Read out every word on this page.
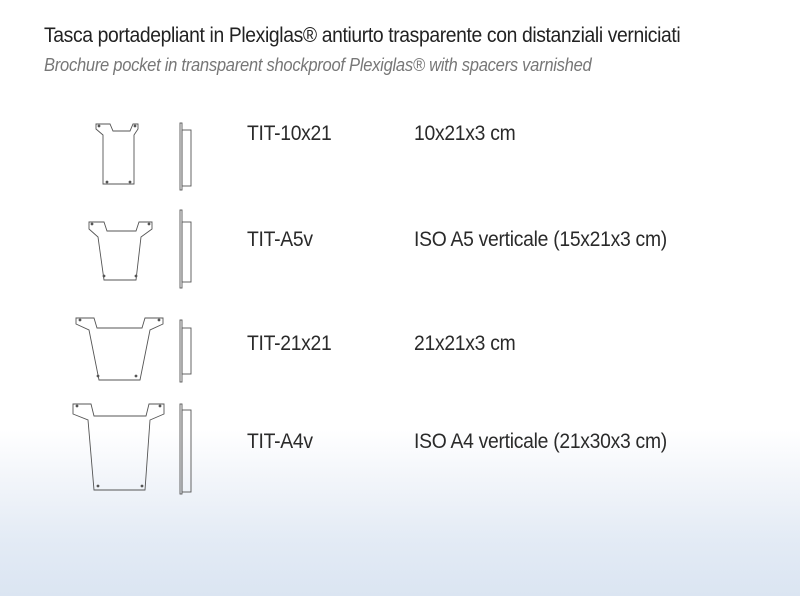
Tasca portadepliant in Plexiglas® antiurto trasparente con distanziali verniciati
Brochure pocket in transparent shockproof Plexiglas® with spacers varnished
TIT-10x21	10x21x3 cm
TIT-A5v	ISO A5 verticale (15x21x3 cm)
TIT-21x21	21x21x3 cm
TIT-A4v	ISO A4 verticale (21x30x3 cm)
